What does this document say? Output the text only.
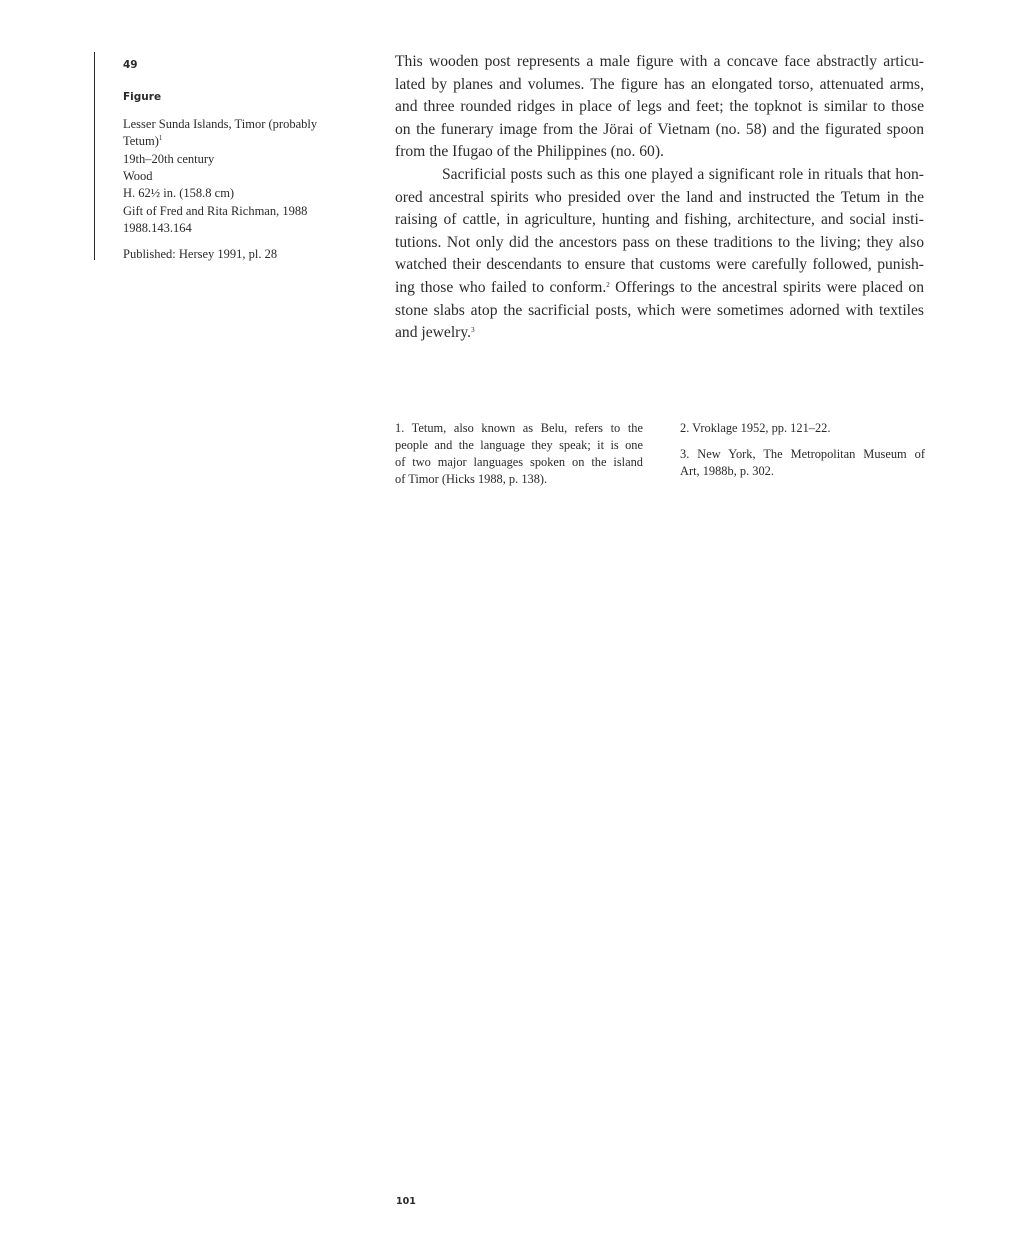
49

Figure

Lesser Sunda Islands, Timor (probably
Tetum)$^1$
19th–20th century
Wood
H. 62½ in. (158.8 cm)
Gift of Fred and Rita Richman, 1988
1988.143.164
Published: Hersey 1991, pl. 28

This wooden post represents a male figure with a concave face abstractly articu-
lated by planes and volumes. The figure has an elongated torso, attenuated arms,
and three rounded ridges in place of legs and feet; the topknot is similar to those
on the funerary image from the Jörai of Vietnam (no. 58) and the figurated spoon
from the Ifugao of the Philippines (no. 60).

Sacrificial posts such as this one played a significant role in rituals that hon-
ored ancestral spirits who presided over the land and instructed the Tetum in the
raising of cattle, in agriculture, hunting and fishing, architecture, and social insti-
tutions. Not only did the ancestors pass on these traditions to the living; they also
watched their descendants to ensure that customs were carefully followed, punish-
ing those who failed to conform.$^2$ Offerings to the ancestral spirits were placed on
stone slabs atop the sacrificial posts, which were sometimes adorned with textiles
and jewelry.$^3$

1. Tetum, also known as Belu, refers to the
people and the language they speak; it is one
of two major languages spoken on the island
of Timor (Hicks 1988, p. 138).
2. Vroklage 1952, pp. 121–22.
3. New York, The Metropolitan Museum of
Art, 1988b, p. 302.
101
